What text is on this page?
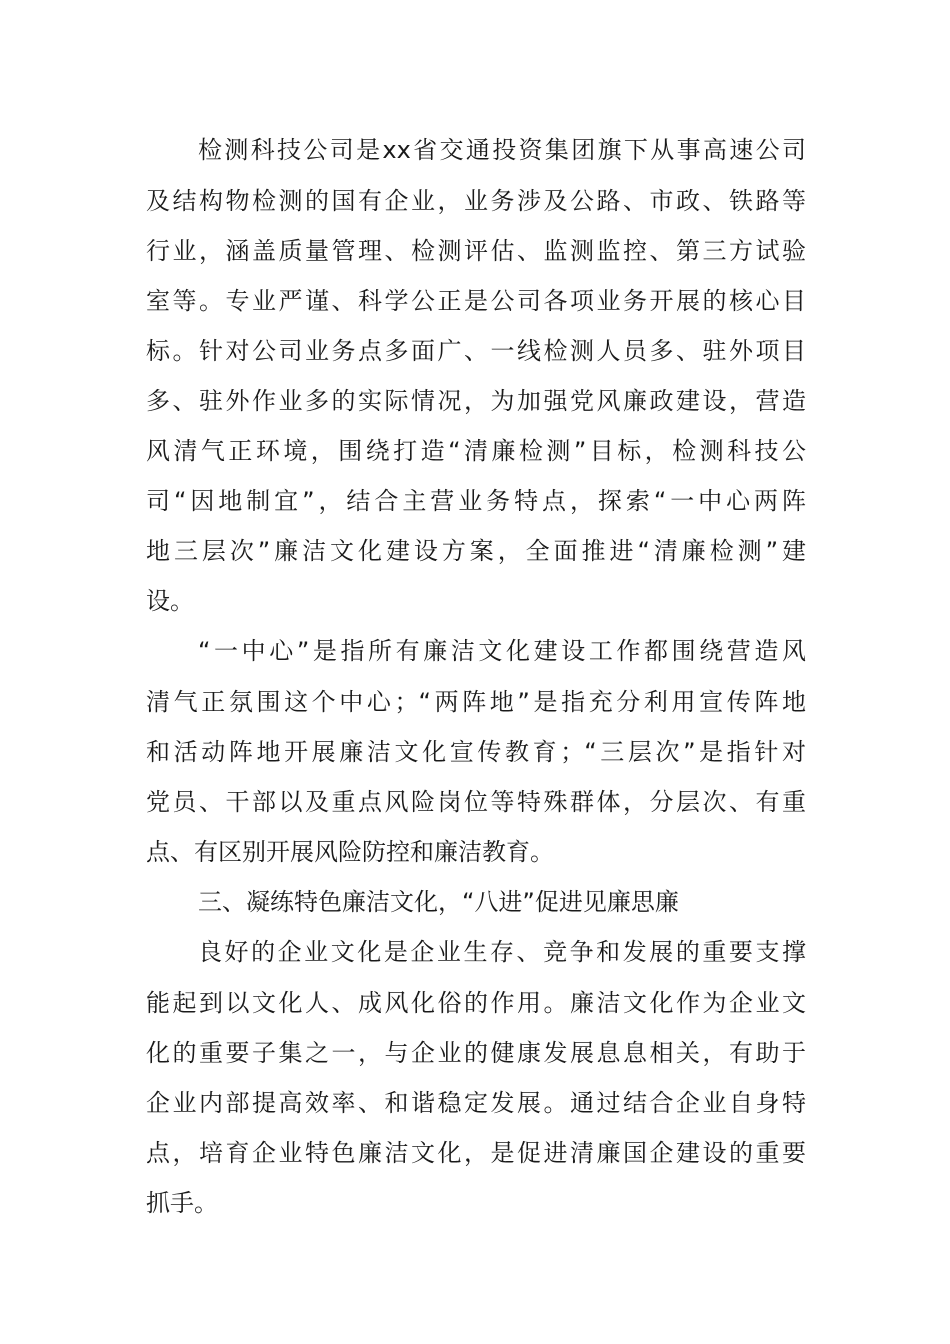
检测科技公司是xx省交通投资集团旗下从事高速公司
及结构物检测的国有企业，业务涉及公路、市政、铁路等
行业，涵盖质量管理、检测评估、监测监控、第三方试验
室等。专业严谨、科学公正是公司各项业务开展的核心目
标。针对公司业务点多面广、一线检测人员多、驻外项目
多、驻外作业多的实际情况，为加强党风廉政建设，营造
风清气正环境，围绕打造“清廉检测”目标，检测科技公
司“因地制宜”，结合主营业务特点，探索“一中心两阵
地三层次”廉洁文化建设方案，全面推进“清廉检测”建
设。
“一中心”是指所有廉洁文化建设工作都围绕营造风
清气正氛围这个中心；“两阵地”是指充分利用宣传阵地
和活动阵地开展廉洁文化宣传教育；“三层次”是指针对
党员、干部以及重点风险岗位等特殊群体，分层次、有重
点、有区别开展风险防控和廉洁教育。
三、凝练特色廉洁文化，“八进”促进见廉思廉
良好的企业文化是企业生存、竞争和发展的重要支撑
能起到以文化人、成风化俗的作用。廉洁文化作为企业文
化的重要子集之一，与企业的健康发展息息相关，有助于
企业内部提高效率、和谐稳定发展。通过结合企业自身特
点，培育企业特色廉洁文化，是促进清廉国企建设的重要
抓手。
